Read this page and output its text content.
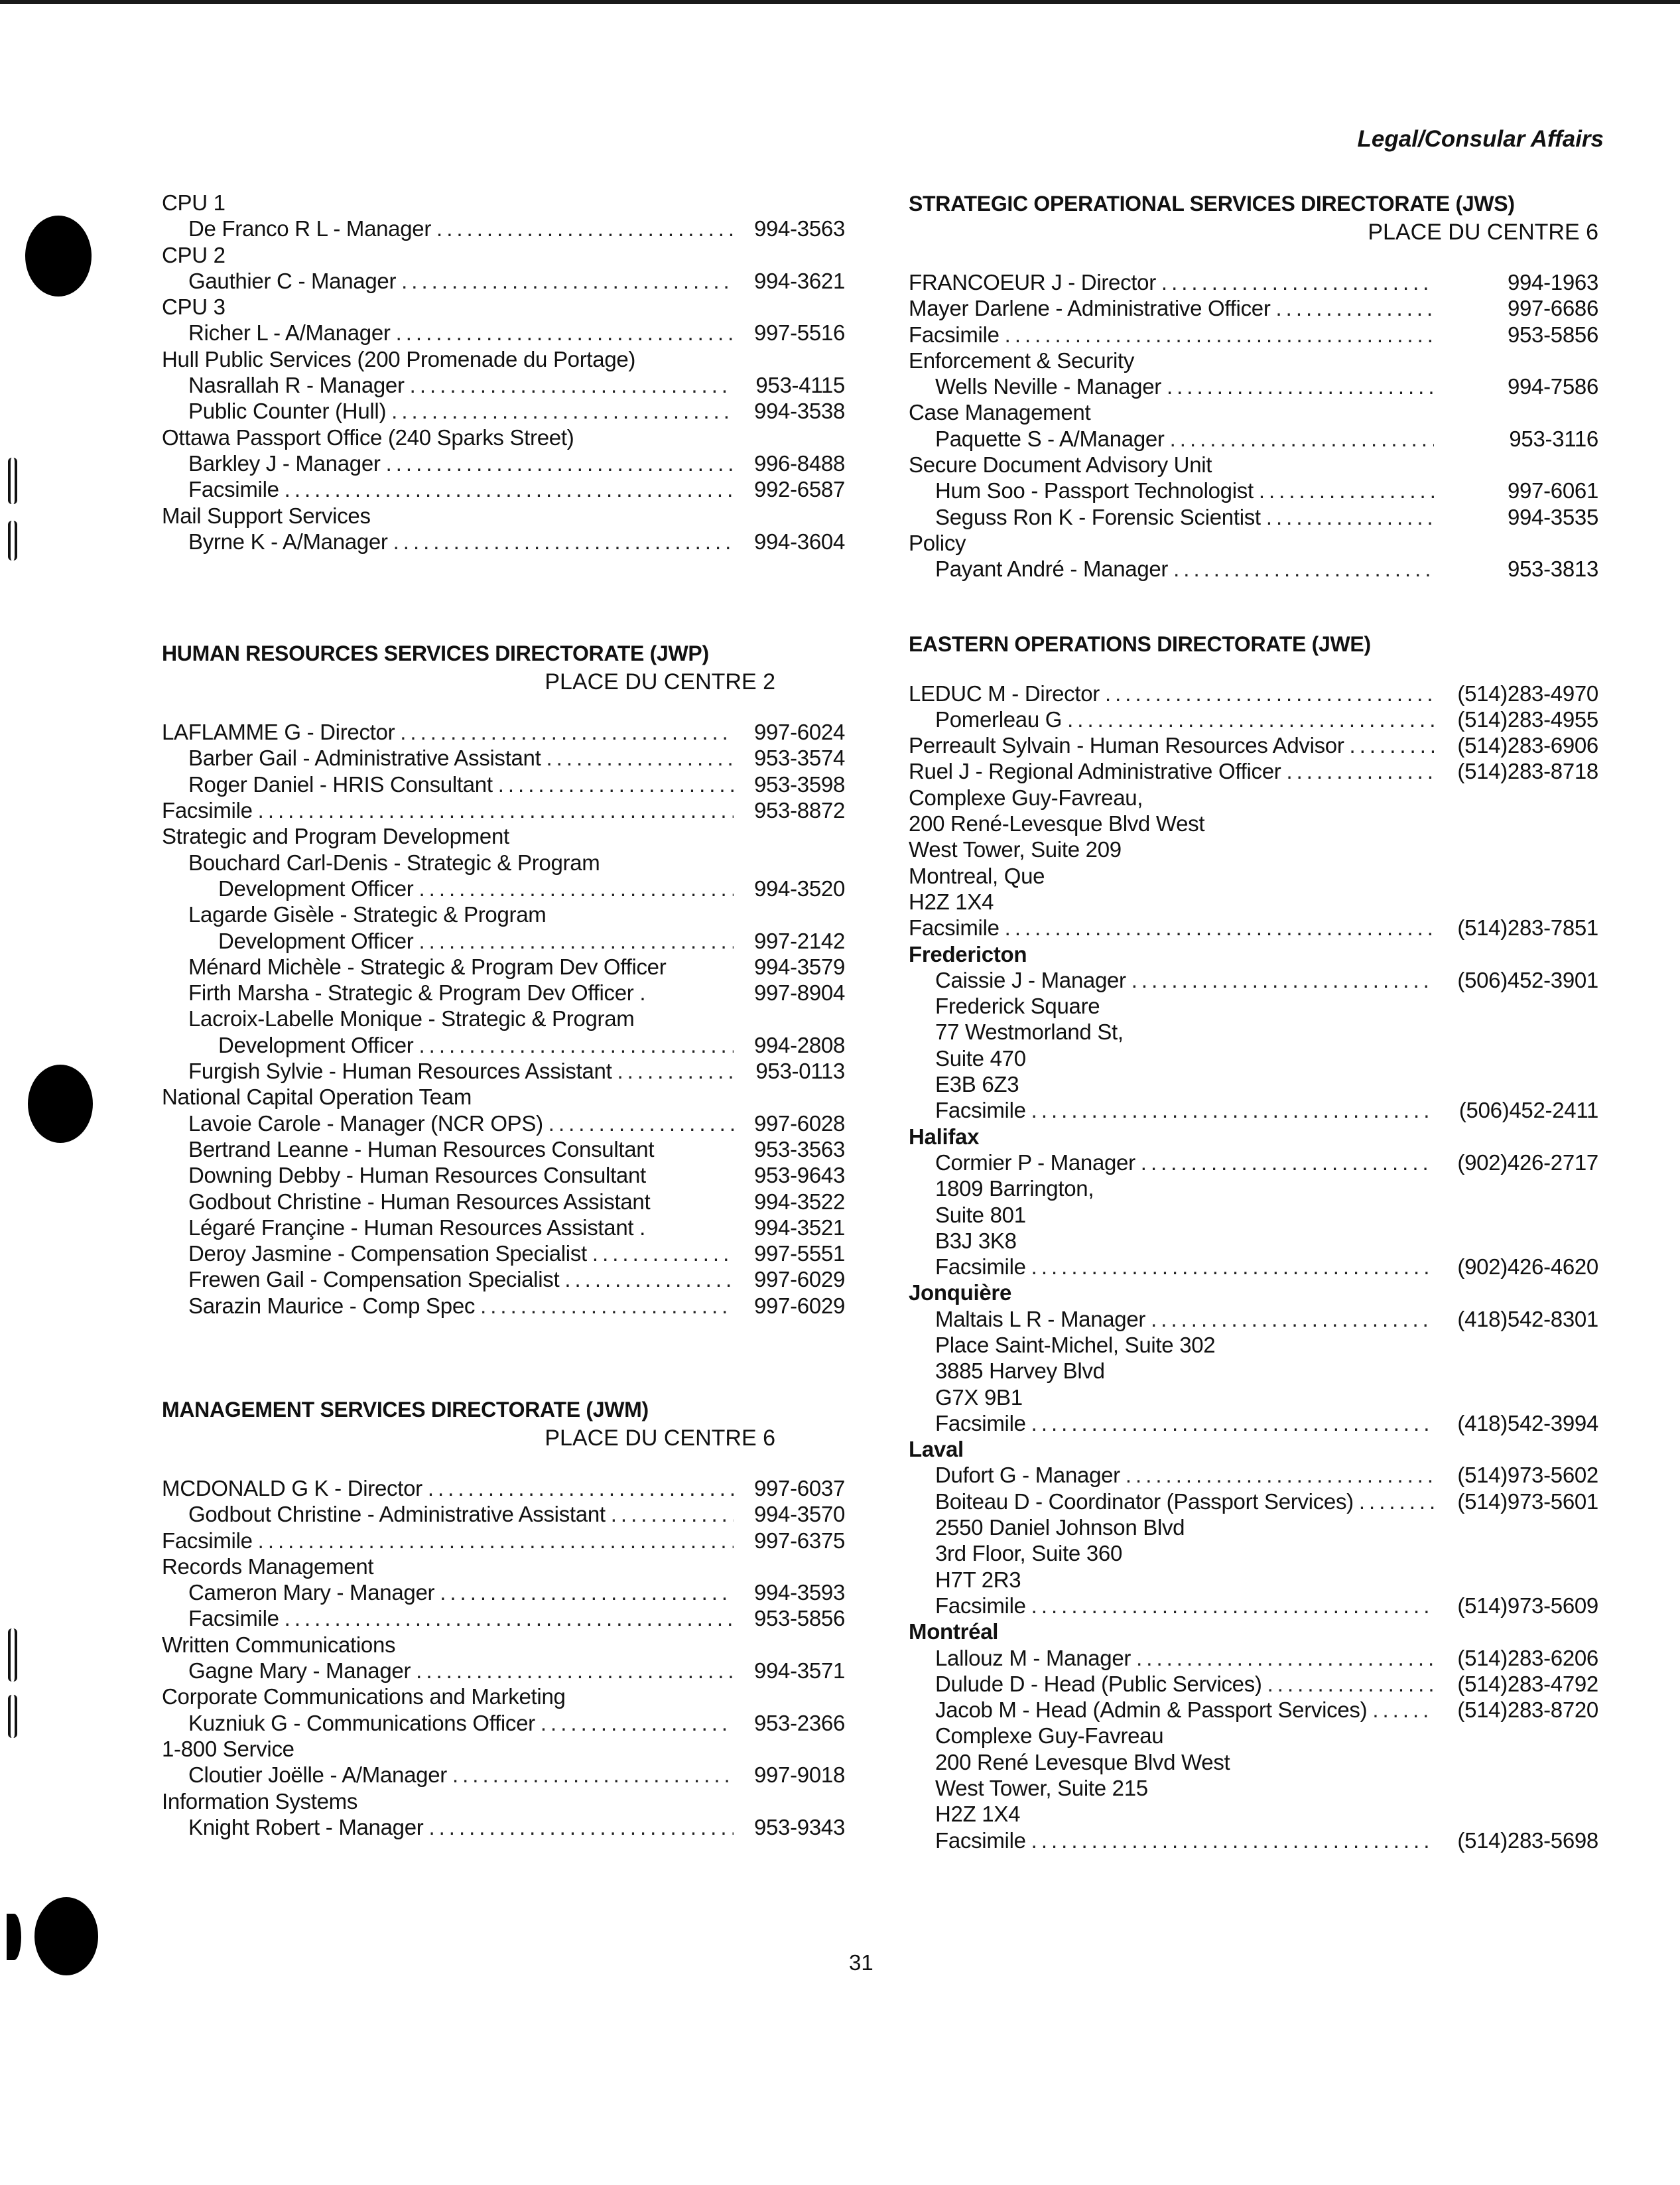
Legal/Consular Affairs
CPU 1
De Franco R L - Manager .....	994-3563
CPU 2
Gauthier C - Manager .....	994-3621
CPU 3
Richer L - A/Manager .....	997-5516
Hull Public Services (200 Promenade du Portage)
Nasrallah R - Manager .....	953-4115
Public Counter (Hull) .....	994-3538
Ottawa Passport Office (240 Sparks Street)
Barkley J - Manager .....	996-8488
Facsimile .....	992-6587
Mail Support Services
Byrne K - A/Manager .....	994-3604
HUMAN RESOURCES SERVICES DIRECTORATE (JWP)
PLACE DU CENTRE 2
LAFLAMME G - Director .....	997-6024
Barber Gail - Administrative Assistant .....	953-3574
Roger Daniel - HRIS Consultant .....	953-3598
Facsimile .....	953-8872
Strategic and Program Development
Bouchard Carl-Denis - Strategic & Program
Development Officer .....	994-3520
Lagarde Gisèle - Strategic & Program
Development Officer .....	997-2142
Ménard Michèle - Strategic & Program Dev Officer	994-3579
Firth Marsha - Strategic & Program Dev Officer .	997-8904
Lacroix-Labelle Monique - Strategic & Program
Development Officer .....	994-2808
Furgish Sylvie - Human Resources Assistant .....	953-0113
National Capital Operation Team
Lavoie Carole - Manager (NCR OPS) .....	997-6028
Bertrand Leanne - Human Resources Consultant	953-3563
Downing Debby - Human Resources Consultant	953-9643
Godbout Christine - Human Resources Assistant	994-3522
Légaré Françine - Human Resources Assistant .	994-3521
Deroy Jasmine - Compensation Specialist .....	997-5551
Frewen Gail - Compensation Specialist .....	997-6029
Sarazin Maurice - Comp Spec .....	997-6029
MANAGEMENT SERVICES DIRECTORATE (JWM)
PLACE DU CENTRE 6
MCDONALD G K - Director .....	997-6037
Godbout Christine - Administrative Assistant .....	994-3570
Facsimile .....	997-6375
Records Management
Cameron Mary - Manager .....	994-3593
Facsimile .....	953-5856
Written Communications
Gagne Mary - Manager .....	994-3571
Corporate Communications and Marketing
Kuzniuk G - Communications Officer .....	953-2366
1-800 Service
Cloutier Joëlle - A/Manager .....	997-9018
Information Systems
Knight Robert - Manager .....	953-9343
STRATEGIC OPERATIONAL SERVICES DIRECTORATE (JWS)
PLACE DU CENTRE 6
FRANCOEUR J - Director .....	994-1963
Mayer Darlene - Administrative Officer .....	997-6686
Facsimile .....	953-5856
Enforcement & Security
Wells Neville - Manager .....	994-7586
Case Management
Paquette S - A/Manager .....	953-3116
Secure Document Advisory Unit
Hum Soo - Passport Technologist .....	997-6061
Seguss Ron K - Forensic Scientist .....	994-3535
Policy
Payant André - Manager .....	953-3813
EASTERN OPERATIONS DIRECTORATE (JWE)
LEDUC M - Director .....	(514)283-4970
Pomerleau G .....	(514)283-4955
Perreault Sylvain - Human Resources Advisor .....	(514)283-6906
Ruel J - Regional Administrative Officer .....	(514)283-8718
Complexe Guy-Favreau,
200 René-Levesque Blvd West
West Tower, Suite 209
Montreal, Que
H2Z 1X4
Facsimile .....	(514)283-7851
Fredericton
Caissie J - Manager .....	(506)452-3901
Frederick Square
77 Westmorland St,
Suite 470
E3B 6Z3
Facsimile .....	(506)452-2411
Halifax
Cormier P - Manager .....	(902)426-2717
1809 Barrington,
Suite 801
B3J 3K8
Facsimile .....	(902)426-4620
Jonquière
Maltais L R - Manager .....	(418)542-8301
Place Saint-Michel, Suite 302
3885 Harvey Blvd
G7X 9B1
Facsimile .....	(418)542-3994
Laval
Dufort G - Manager .....	(514)973-5602
Boiteau D - Coordinator (Passport Services) .....	(514)973-5601
2550 Daniel Johnson Blvd
3rd Floor, Suite 360
H7T 2R3
Facsimile .....	(514)973-5609
Montréal
Lallouz M - Manager .....	(514)283-6206
Dulude D - Head (Public Services) .....	(514)283-4792
Jacob M - Head (Admin & Passport Services) .....	(514)283-8720
Complexe Guy-Favreau
200 René Levesque Blvd West
West Tower, Suite 215
H2Z 1X4
Facsimile .....	(514)283-5698
31
